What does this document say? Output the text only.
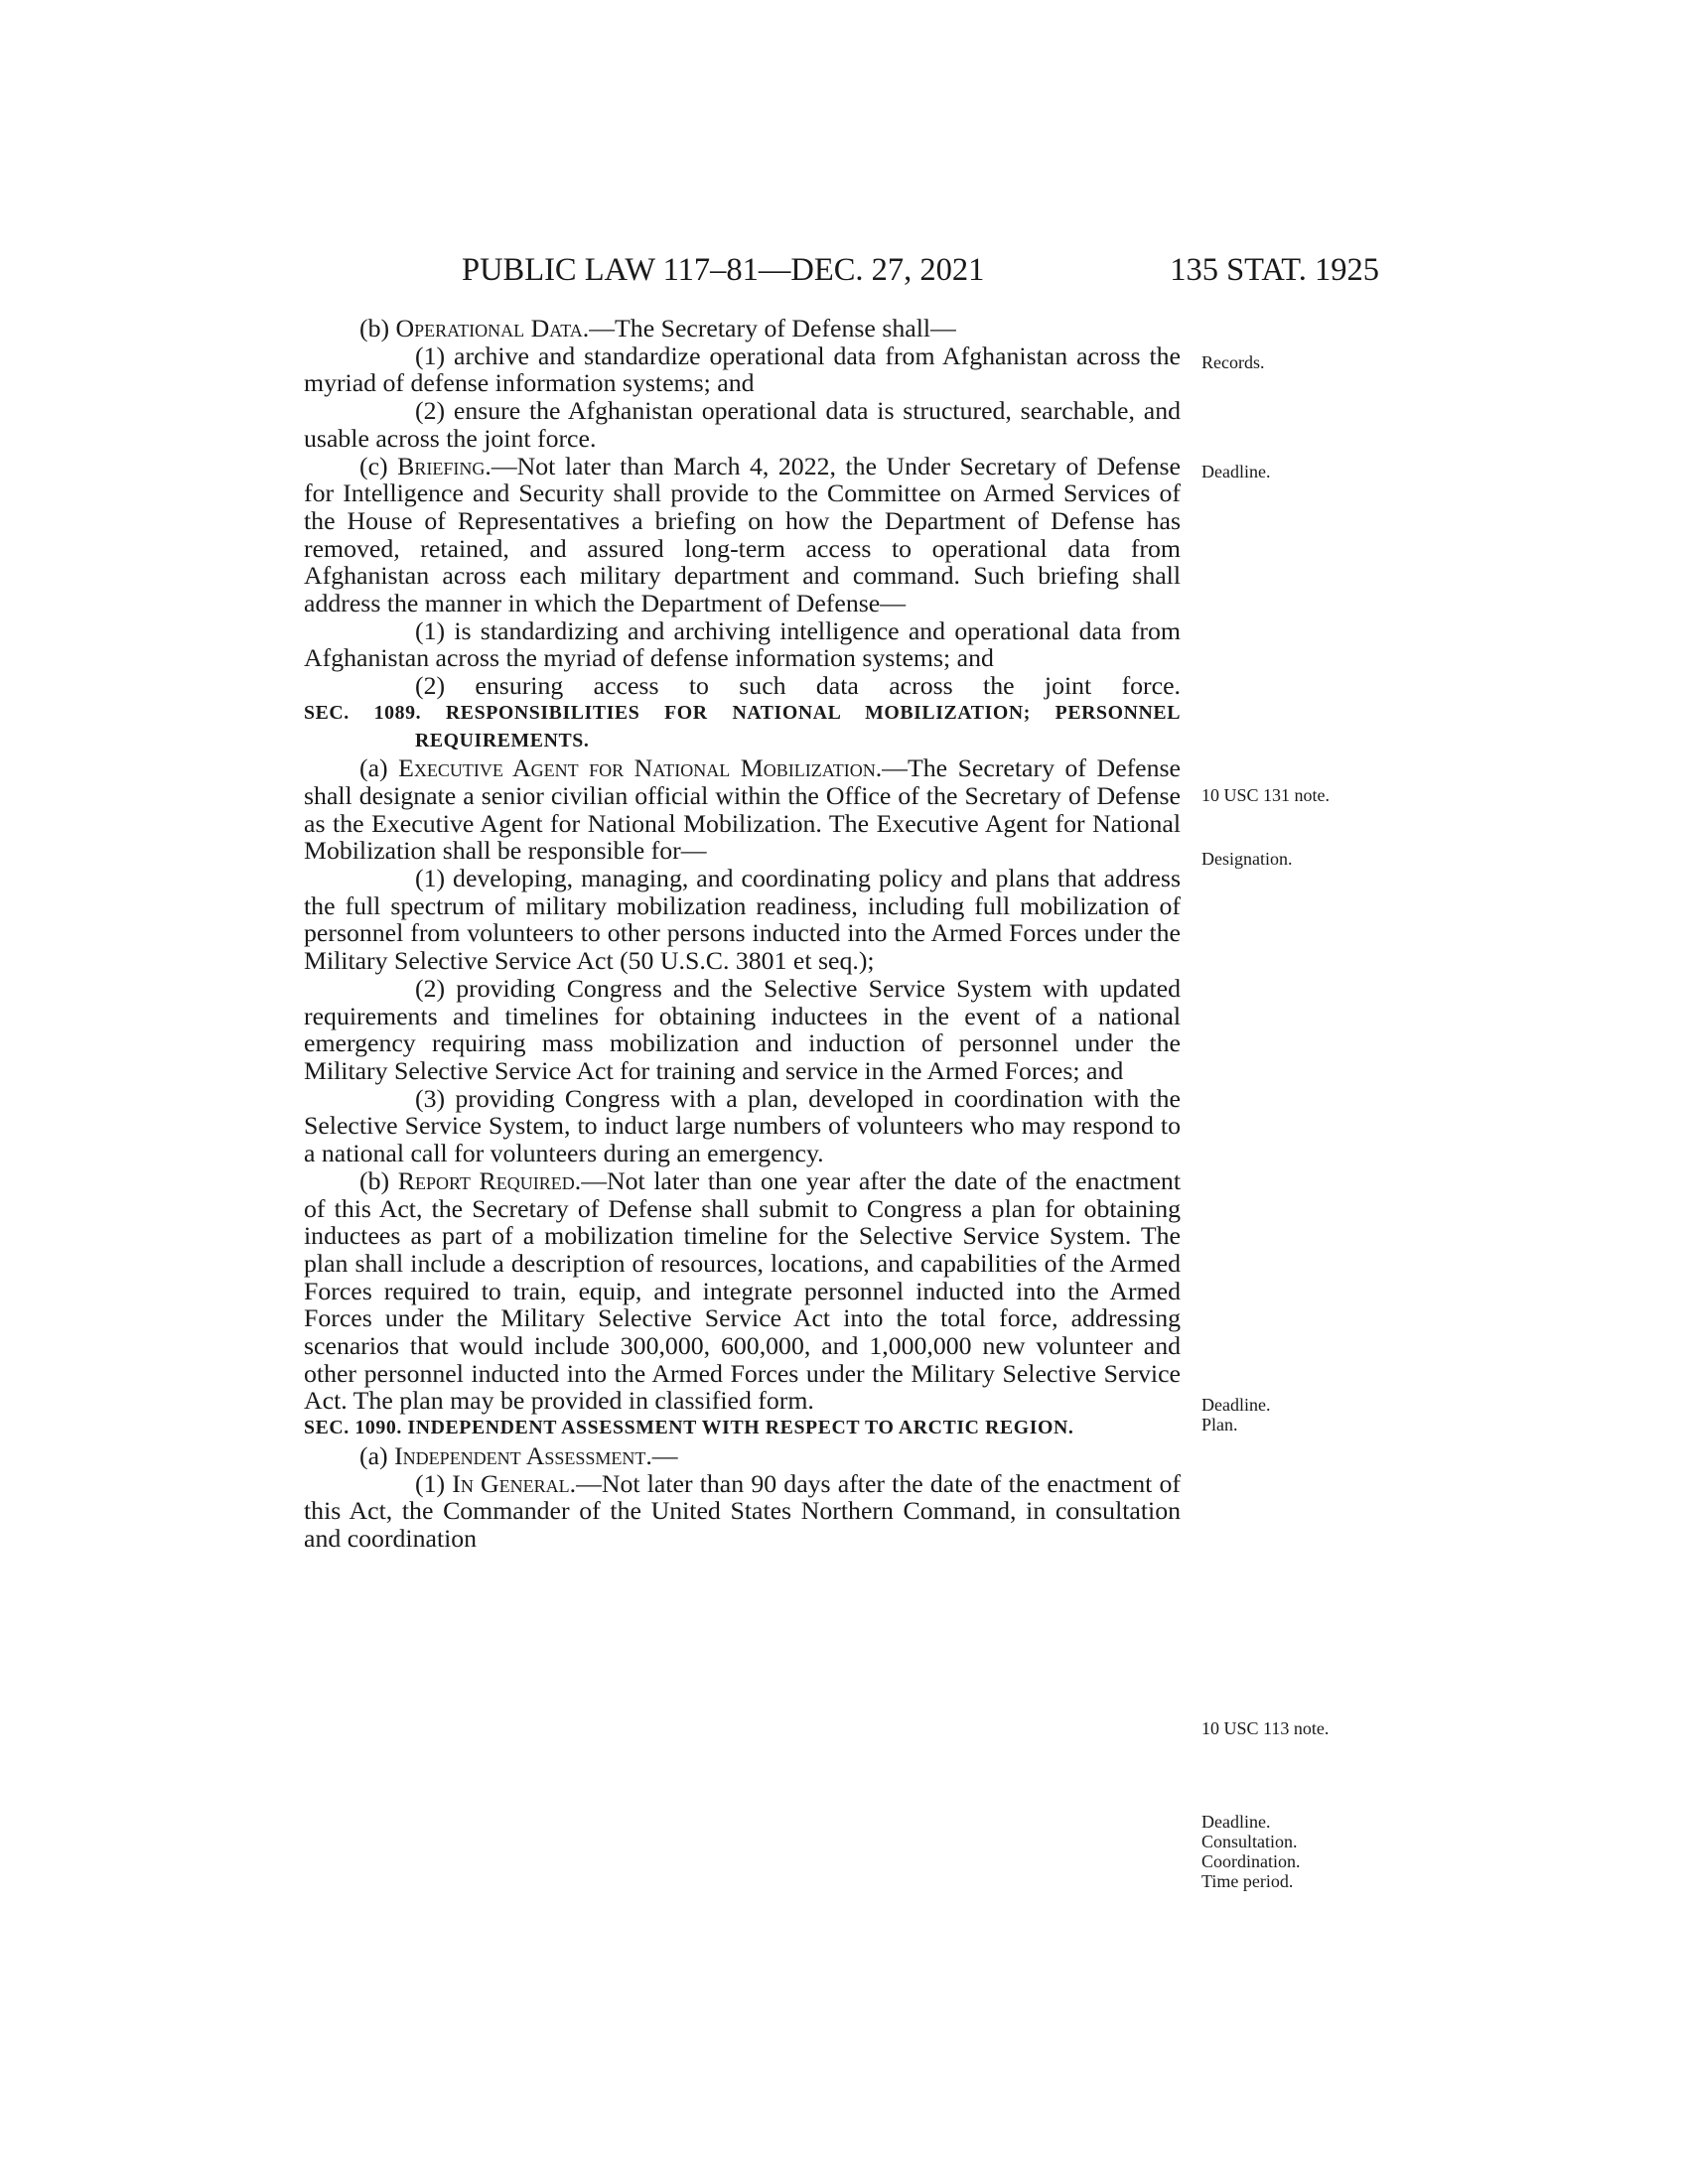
PUBLIC LAW 117–81—DEC. 27, 2021	135 STAT. 1925

(b) Operational Data.—The Secretary of Defense shall—

(1) archive and standardize operational data from Afghanistan across the myriad of defense information systems; and

(2) ensure the Afghanistan operational data is structured, searchable, and usable across the joint force.

(c) Briefing.—Not later than March 4, 2022, the Under Secretary of Defense for Intelligence and Security shall provide to the Committee on Armed Services of the House of Representatives a briefing on how the Department of Defense has removed, retained, and assured long-term access to operational data from Afghanistan across each military department and command. Such briefing shall address the manner in which the Department of Defense—

(1) is standardizing and archiving intelligence and operational data from Afghanistan across the myriad of defense information systems; and

(2) ensuring access to such data across the joint force.

SEC. 1089. RESPONSIBILITIES FOR NATIONAL MOBILIZATION; PERSONNEL REQUIREMENTS.

(a) Executive Agent for National Mobilization.—The Secretary of Defense shall designate a senior civilian official within the Office of the Secretary of Defense as the Executive Agent for National Mobilization. The Executive Agent for National Mobilization shall be responsible for—

(1) developing, managing, and coordinating policy and plans that address the full spectrum of military mobilization readiness, including full mobilization of personnel from volunteers to other persons inducted into the Armed Forces under the Military Selective Service Act (50 U.S.C. 3801 et seq.);

(2) providing Congress and the Selective Service System with updated requirements and timelines for obtaining inductees in the event of a national emergency requiring mass mobilization and induction of personnel under the Military Selective Service Act for training and service in the Armed Forces; and

(3) providing Congress with a plan, developed in coordination with the Selective Service System, to induct large numbers of volunteers who may respond to a national call for volunteers during an emergency.

(b) Report Required.—Not later than one year after the date of the enactment of this Act, the Secretary of Defense shall submit to Congress a plan for obtaining inductees as part of a mobilization timeline for the Selective Service System. The plan shall include a description of resources, locations, and capabilities of the Armed Forces required to train, equip, and integrate personnel inducted into the Armed Forces under the Military Selective Service Act into the total force, addressing scenarios that would include 300,000, 600,000, and 1,000,000 new volunteer and other personnel inducted into the Armed Forces under the Military Selective Service Act. The plan may be provided in classified form.

SEC. 1090. INDEPENDENT ASSESSMENT WITH RESPECT TO ARCTIC REGION.

(a) Independent Assessment.—

(1) In General.—Not later than 90 days after the date of the enactment of this Act, the Commander of the United States Northern Command, in consultation and coordination

Records.
Deadline.
10 USC 131 note.
Designation.
Deadline.
Plan.
10 USC 113 note.
Deadline.
Consultation.
Coordination.
Time period.
